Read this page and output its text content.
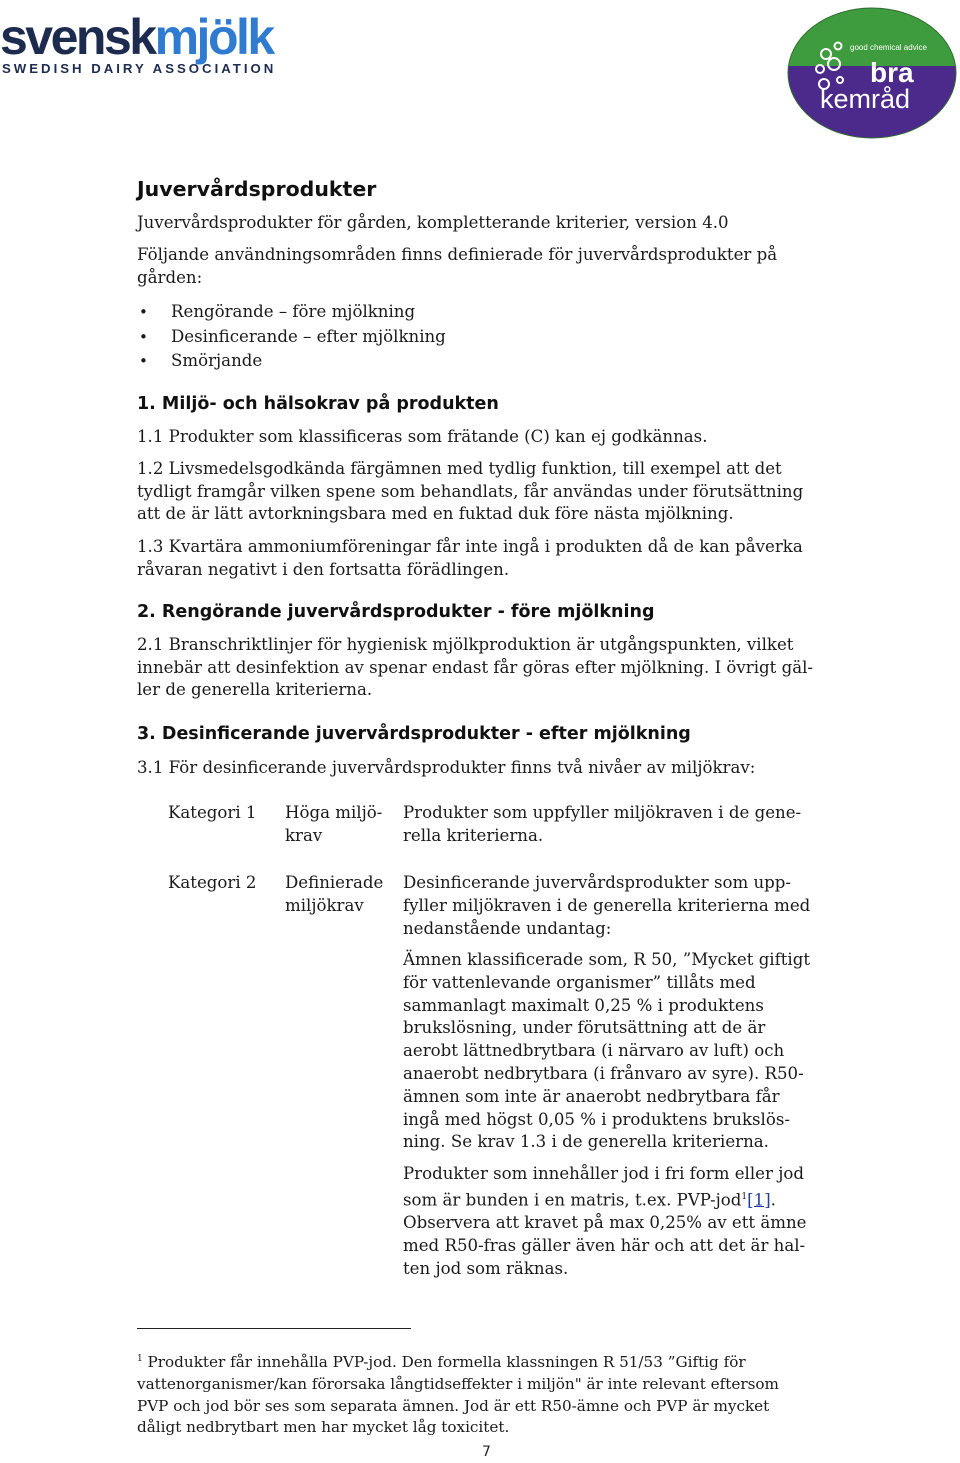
svenskmjölk
SWEDISH DAIRY ASSOCIATION
good chemical advice
bra
kemråd
Juvervårdsprodukter
Juvervårdsprodukter för gården, kompletterande kriterier, version 4.0
Följande användningsområden finns definierade för juvervårdsprodukter på
gården:
• Rengörande – före mjölkning
• Desinficerande – efter mjölkning
• Smörjande
1. Miljö- och hälsokrav på produkten
1.1 Produkter som klassificeras som frätande (C) kan ej godkännas.
1.2 Livsmedelsgodkända färgämnen med tydlig funktion, till exempel att det
tydligt framgår vilken spene som behandlats, får användas under förutsättning
att de är lätt avtorkningsbara med en fuktad duk före nästa mjölkning.
1.3 Kvartära ammoniumföreningar får inte ingå i produkten då de kan påverka
råvaran negativt i den fortsatta förädlingen.
2. Rengörande juvervårdsprodukter - före mjölkning
2.1 Branschriktlinjer för hygienisk mjölkproduktion är utgångspunkten, vilket
innebär att desinfektion av spenar endast får göras efter mjölkning. I övrigt gäl-
ler de generella kriterierna.
3. Desinficerande juvervårdsprodukter - efter mjölkning
3.1 För desinficerande juvervårdsprodukter finns två nivåer av miljökrav:
Kategori 1 Höga miljö-
krav
Produkter som uppfyller miljökraven i de gene-
rella kriterierna.
Kategori 2 Definierade
miljökrav
Desinficerande juvervårdsprodukter som upp-
fyller miljökraven i de generella kriterierna med
nedanstående undantag:
Ämnen klassificerade som, R 50, ”Mycket giftigt
för vattenlevande organismer” tillåts med
sammanlagt maximalt 0,25 % i produktens
brukslösning, under förutsättning att de är
aerobt lättnedbrytbara (i närvaro av luft) och
anaerobt nedbrytbara (i frånvaro av syre). R50-
ämnen som inte är anaerobt nedbrytbara får
ingå med högst 0,05 % i produktens brukslös-
ning. Se krav 1.3 i de generella kriterierna.
Produkter som innehåller jod i fri form eller jod
som är bunden i en matris, t.ex. PVP-jod$^1$[1].
Observera att kravet på max 0,25% av ett ämne
med R50-fras gäller även här och att det är hal-
ten jod som räknas.
$^1$ Produkter får innehålla PVP-jod. Den formella klassningen R 51/53 ”Giftig för
vattenorganismer/kan förorsaka långtidseffekter i miljön" är inte relevant eftersom
PVP och jod bör ses som separata ämnen. Jod är ett R50-ämne och PVP är mycket
dåligt nedbrytbart men har mycket låg toxicitet.
7
